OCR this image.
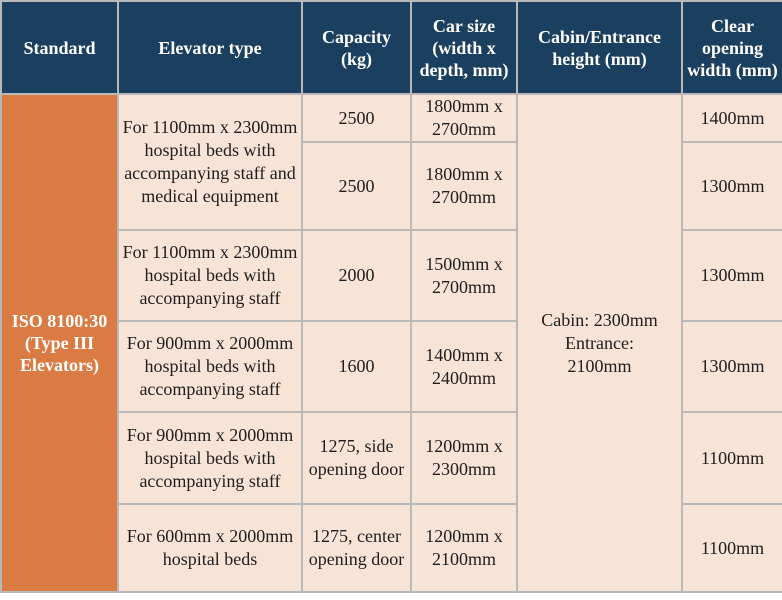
Standard	Elevator type	Capacity (kg)	Car size (width x depth, mm)	Cabin/Entrance height (mm)	Clear opening width (mm)

ISO 8100:30 (Type III Elevators)	For 1100mm x 2300mm hospital beds with accompanying staff and medical equipment	2500	1800mm x 2700mm	Cabin: 2300mm Entrance: 2100mm	1400mm
		2500	1800mm x 2700mm		1300mm
	For 1100mm x 2300mm hospital beds with accompanying staff	2000	1500mm x 2700mm		1300mm
	For 900mm x 2000mm hospital beds with accompanying staff	1600	1400mm x 2400mm		1300mm
	For 900mm x 2000mm hospital beds with accompanying staff	1275, side opening door	1200mm x 2300mm		1100mm
	For 600mm x 2000mm hospital beds	1275, center opening door	1200mm x 2100mm		1100mm
